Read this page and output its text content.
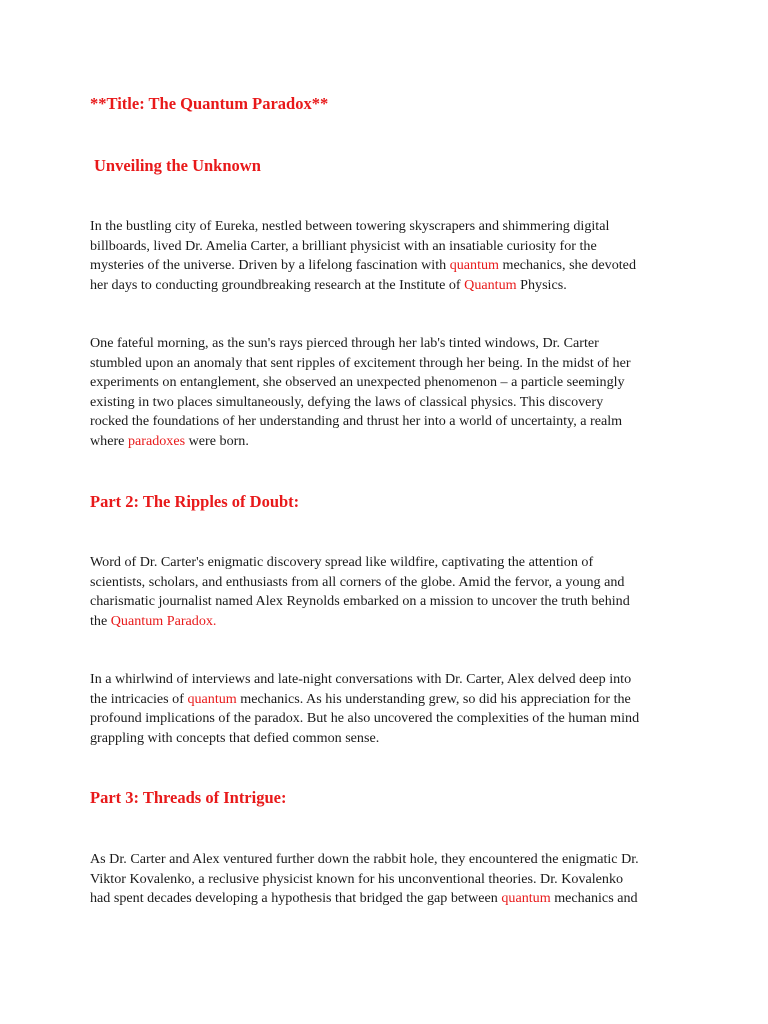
**Title: The Quantum Paradox**
Unveiling the Unknown
In the bustling city of Eureka, nestled between towering skyscrapers and shimmering digital
billboards, lived Dr. Amelia Carter, a brilliant physicist with an insatiable curiosity for the
mysteries of the universe. Driven by a lifelong fascination with quantum mechanics, she devoted
her days to conducting groundbreaking research at the Institute of Quantum Physics.
One fateful morning, as the sun's rays pierced through her lab's tinted windows, Dr. Carter
stumbled upon an anomaly that sent ripples of excitement through her being. In the midst of her
experiments on entanglement, she observed an unexpected phenomenon – a particle seemingly
existing in two places simultaneously, defying the laws of classical physics. This discovery
rocked the foundations of her understanding and thrust her into a world of uncertainty, a realm
where paradoxes were born.
Part 2: The Ripples of Doubt:
Word of Dr. Carter's enigmatic discovery spread like wildfire, captivating the attention of
scientists, scholars, and enthusiasts from all corners of the globe. Amid the fervor, a young and
charismatic journalist named Alex Reynolds embarked on a mission to uncover the truth behind
the Quantum Paradox.
In a whirlwind of interviews and late-night conversations with Dr. Carter, Alex delved deep into
the intricacies of quantum mechanics. As his understanding grew, so did his appreciation for the
profound implications of the paradox. But he also uncovered the complexities of the human mind
grappling with concepts that defied common sense.
Part 3: Threads of Intrigue:
As Dr. Carter and Alex ventured further down the rabbit hole, they encountered the enigmatic Dr.
Viktor Kovalenko, a reclusive physicist known for his unconventional theories. Dr. Kovalenko
had spent decades developing a hypothesis that bridged the gap between quantum mechanics and
